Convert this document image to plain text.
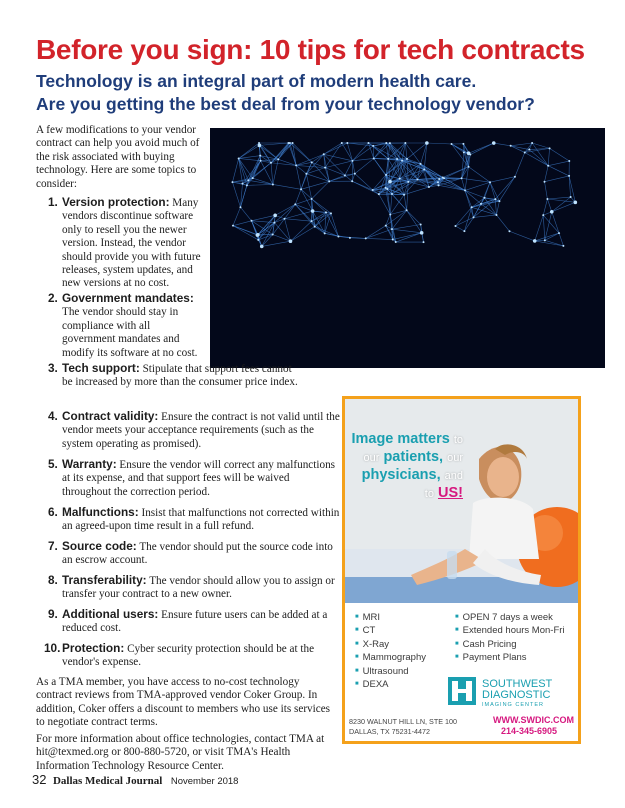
Before you sign: 10 tips for tech contracts
Technology is an integral part of modern health care.
Are you getting the best deal from your technology vendor?
A few modifications to your vendor contract can help you avoid much of the risk associated with buying technology. Here are some topics to consider:
1. Version protection: Many vendors discontinue software only to resell you the newer version. Instead, the vendor should provide you with future releases, system updates, and new versions at no cost.
2. Government mandates: The vendor should stay in compliance with all government mandates and modify its software at no cost.
3. Tech support: Stipulate that support fees cannot be increased by more than the consumer price index.
4. Contract validity: Ensure the contract is not valid until the vendor meets your acceptance requirements (such as the system operating as promised).
5. Warranty: Ensure the vendor will correct any malfunctions at its expense, and that support fees will be waived throughout the correction period.
6. Malfunctions: Insist that malfunctions not corrected within an agreed-upon time result in a full refund.
7. Source code: The vendor should put the source code into an escrow account.
8. Transferability: The vendor should allow you to assign or transfer your contract to a new owner.
9. Additional users: Ensure future users can be added at a reduced cost.
10. Protection: Cyber security protection should be at the vendor's expense.
As a TMA member, you have access to no-cost technology contract reviews from TMA-approved vendor Coker Group. In addition, Coker offers a discount to members who use its services to negotiate contract terms.
For more information about office technologies, contact TMA at hit@texmed.org or 800-880-5720, or visit TMA's Health Information Technology Resource Center.
32 Dallas Medical Journal November 2018
Image matters to
our patients, our
physicians, and
to US!
■ MRI
■ CT
■ X-Ray
■ Mammography
■ Ultrasound
■ DEXA
■ OPEN 7 days a week
■ Extended hours Mon-Fri
■ Cash Pricing
■ Payment Plans
SOUTHWEST
DIAGNOSTIC
IMAGING CENTER
8230 WALNUT HILL LN, STE 100
DALLAS, TX 75231-4472
WWW.SWDIC.COM
214-345-6905
